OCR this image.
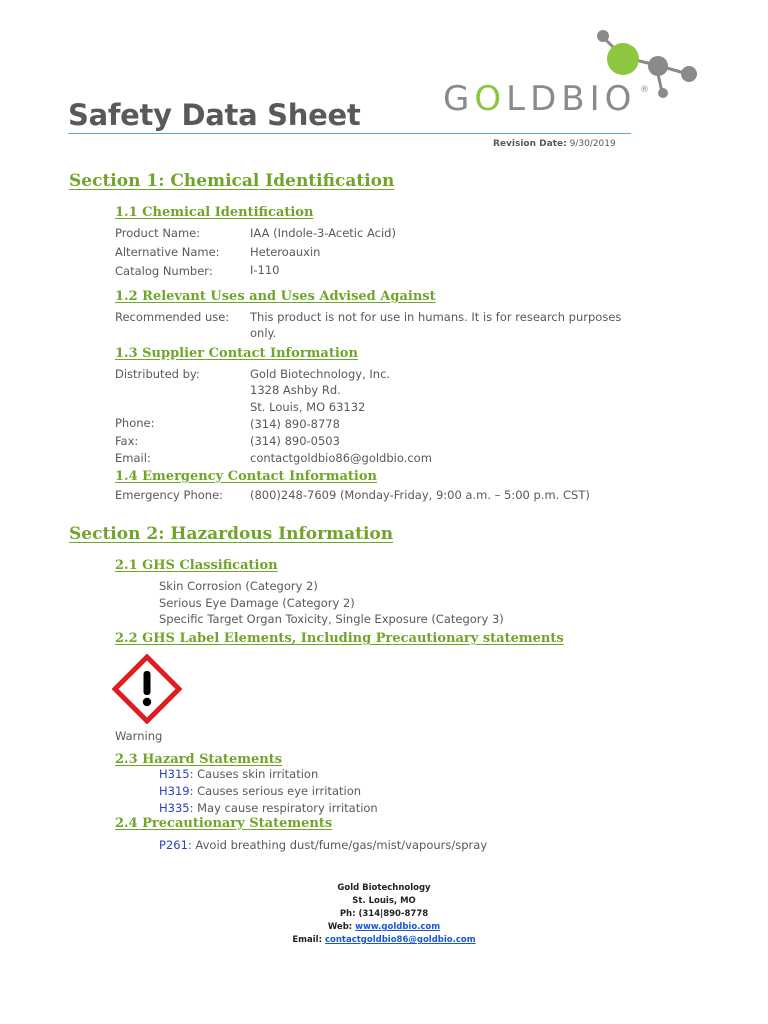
GOLDBIO ®
Safety Data Sheet
Revision Date: 9/30/2019
Section 1: Chemical Identification
1.1 Chemical Identification
Product Name:	IAA (Indole-3-Acetic Acid)
Alternative Name:	Heteroauxin
Catalog Number:	I-110
1.2 Relevant Uses and Uses Advised Against
Recommended use: This product is not for use in humans. It is for research purposes
only.
1.3 Supplier Contact Information
Distributed by:	Gold Biotechnology, Inc.
1328 Ashby Rd.
St. Louis, MO 63132
Phone:	(314) 890-8778
Fax:	(314) 890-0503
Email:	contactgoldbio86@goldbio.com
1.4 Emergency Contact Information
Emergency Phone: (800)248-7609 (Monday-Friday, 9:00 a.m. – 5:00 p.m. CST)
Section 2: Hazardous Information
2.1 GHS Classification
Skin Corrosion (Category 2)
Serious Eye Damage (Category 2)
Specific Target Organ Toxicity, Single Exposure (Category 3)
2.2 GHS Label Elements, Including Precautionary statements
Warning
2.3 Hazard Statements
H315: Causes skin irritation
H319: Causes serious eye irritation
H335: May cause respiratory irritation
2.4 Precautionary Statements
P261: Avoid breathing dust/fume/gas/mist/vapours/spray
Gold Biotechnology
St. Louis, MO
Ph: (314|890-8778
Web: www.goldbio.com
Email: contactgoldbio86@goldbio.com
